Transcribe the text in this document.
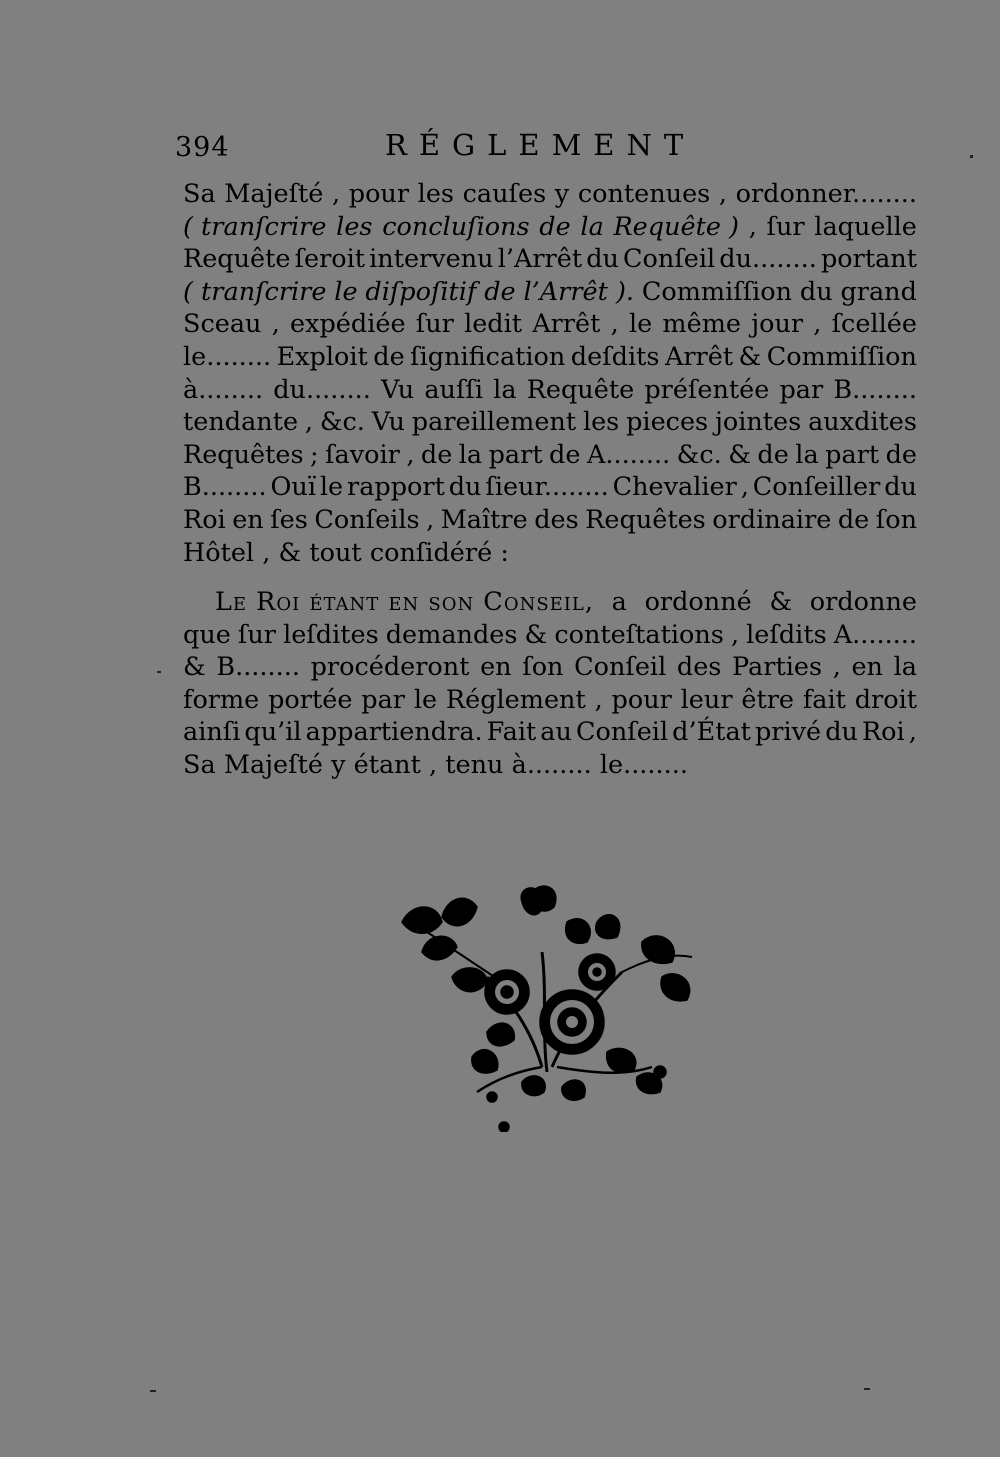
394	RÉGLEMENT
Sa Majeſté , pour les cauſes y contenues , ordonner........
( tranſcrire les concluſions de la Requête ) , ſur laquelle
Requête ſeroit intervenu l’Arrêt du Conſeil du........ portant
( tranſcrire le diſpoſitif de l’Arrêt ). Commiſſion du grand
Sceau , expédiée ſur ledit Arrêt , le même jour , ſcellée
le........ Exploit de ſignification deſdits Arrêt & Commiſſion
à........ du........ Vu auſſi la Requête préſentée par B........
tendante , &c. Vu pareillement les pieces jointes auxdites
Requêtes ; ſavoir , de la part de A........ &c. & de la part de
B........ Ouï le rapport du ſieur........ Chevalier , Conſeiller du
Roi en ſes Conſeils , Maître des Requêtes ordinaire de ſon
Hôtel , & tout conſidéré :
Le Roi étant en son Conseil, a ordonné & ordonne
que ſur leſdites demandes & conteſtations , leſdits A........
& B........ procéderont en ſon Conſeil des Parties , en la
forme portée par le Réglement , pour leur être fait droit
ainſi qu’il appartiendra. Fait au Conſeil d’État privé du Roi ,
Sa Majeſté y étant , tenu à........ le........
